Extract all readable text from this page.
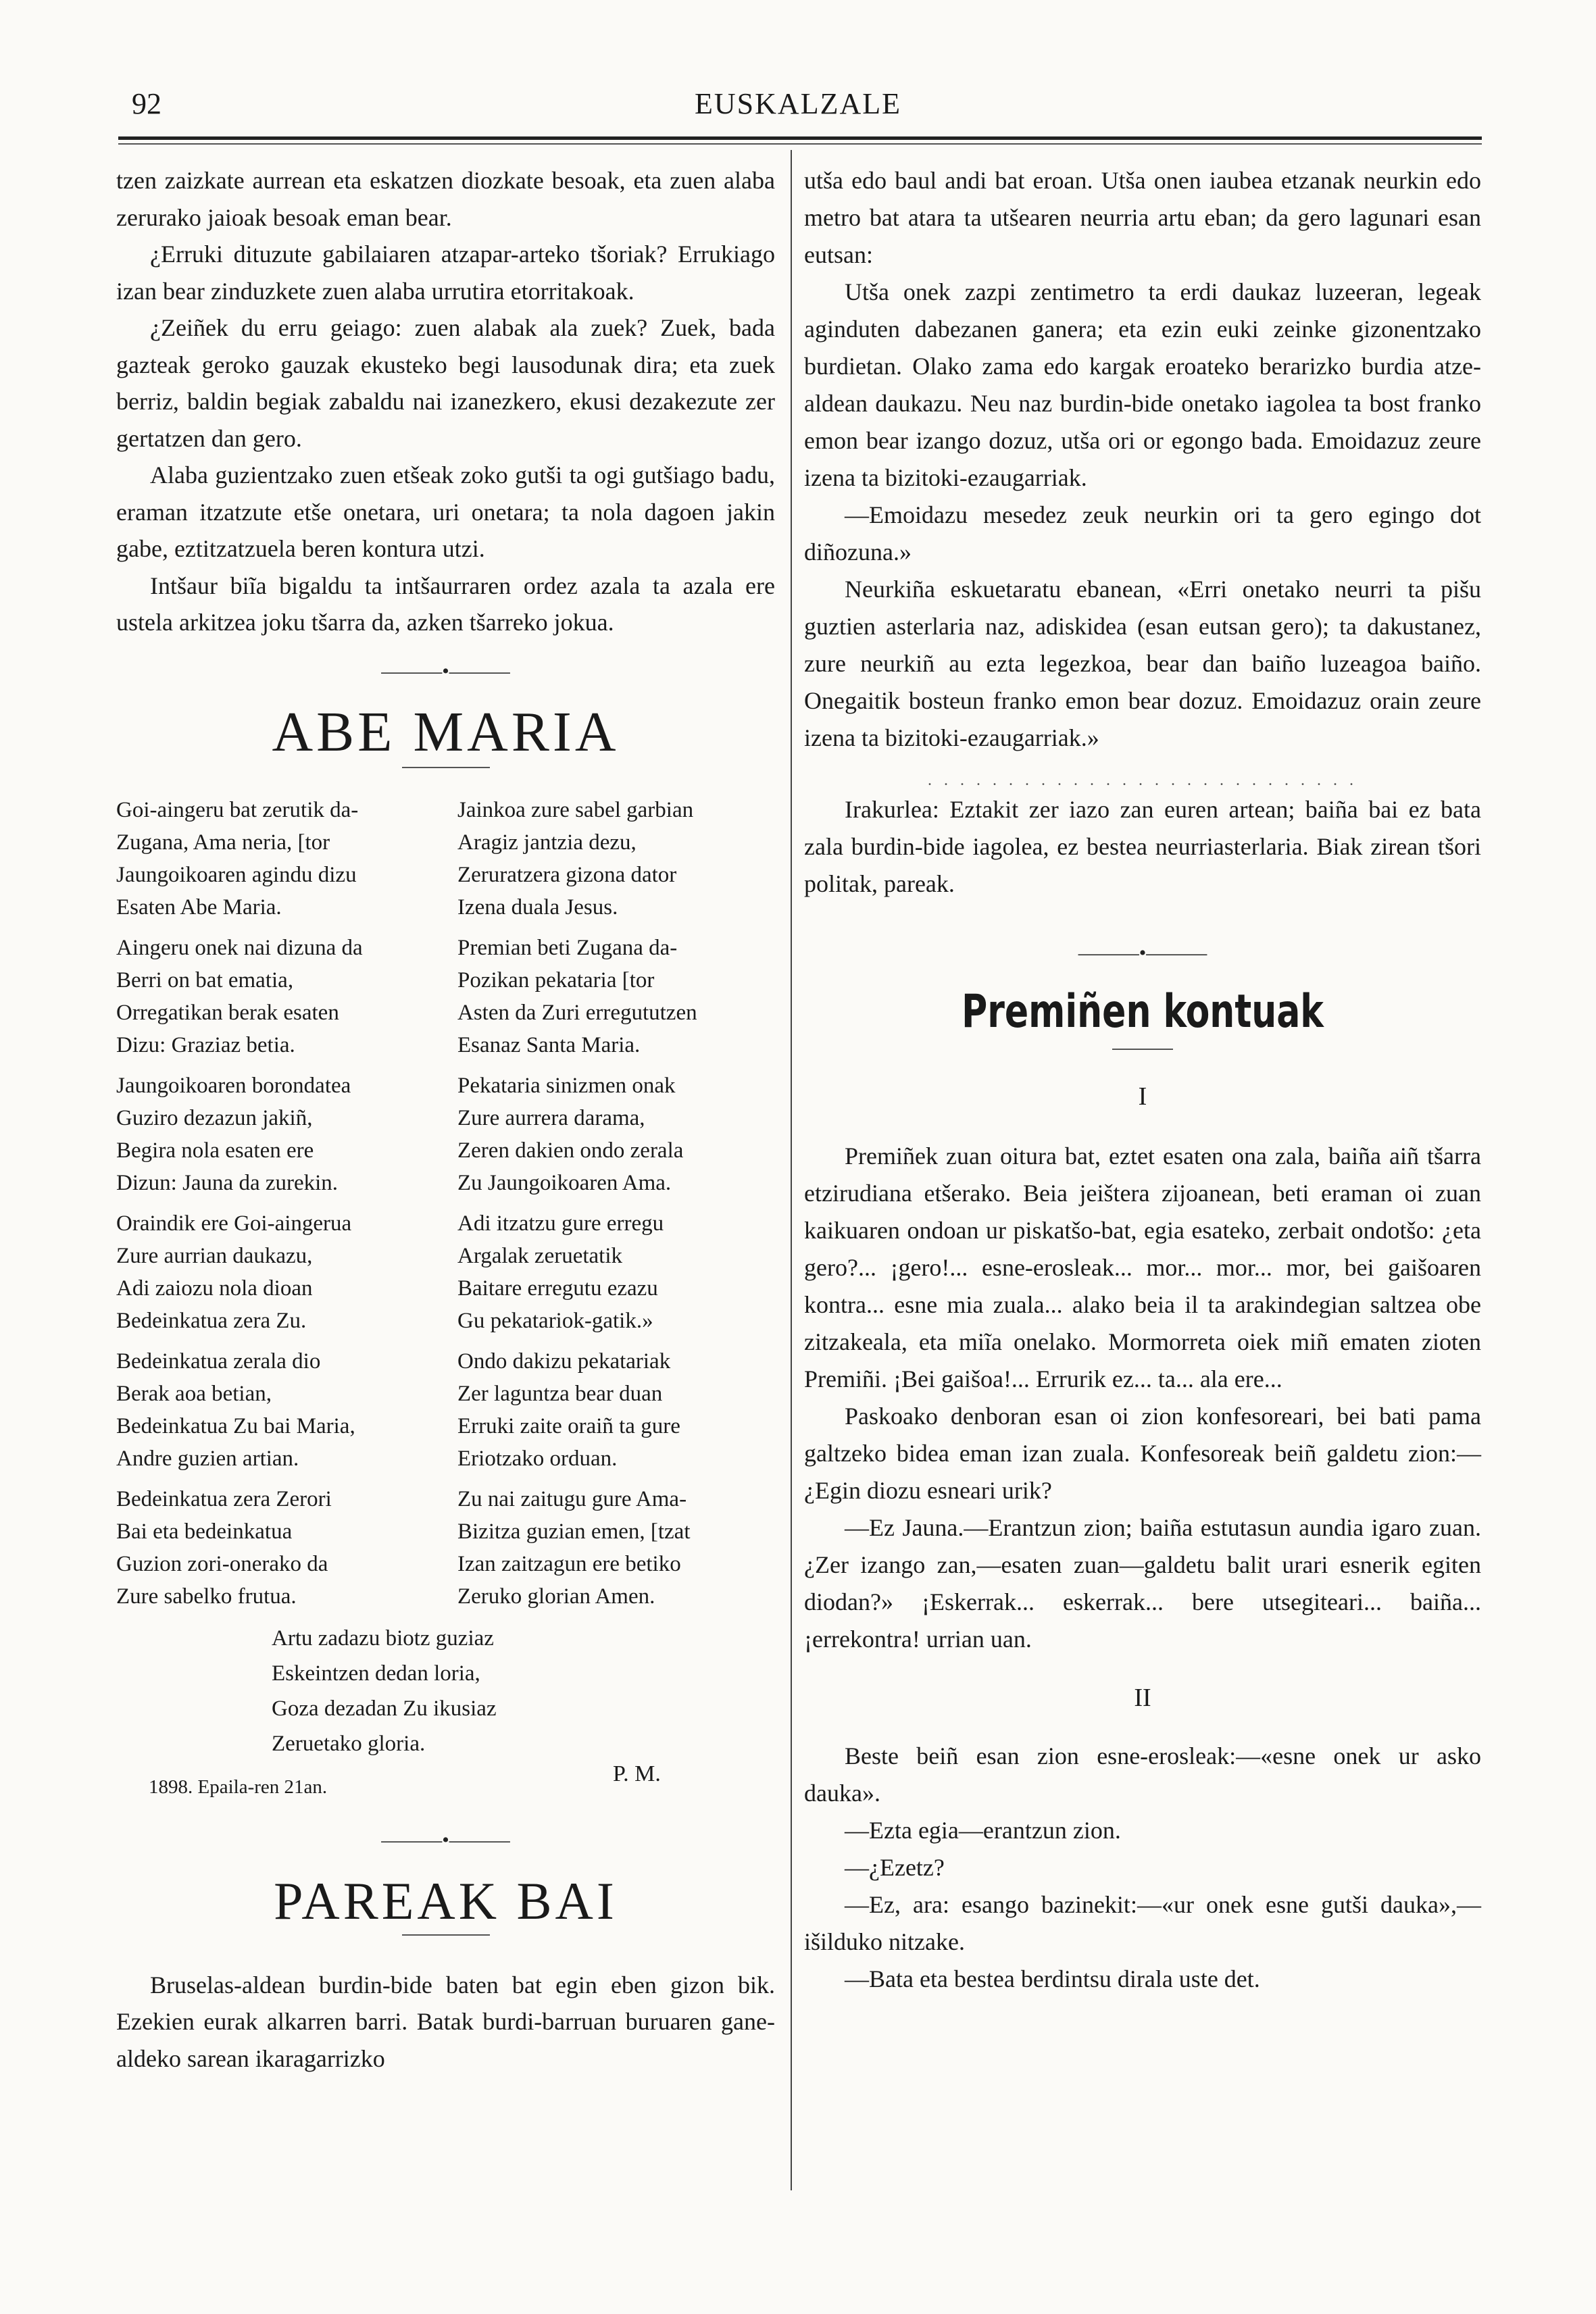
92	EUSKALZALE

tzen zaizkate aurrean eta eskatzen diozkate besoak, eta zuen alaba zerurako jaioak besoak eman bear.

¿Erruki dituzute gabilaiaren atzapar-arteko tšoriak? Errukiago izan bear zinduzkete zuen alaba urrutira etorritakoak.

¿Zeiñek du erru geiago: zuen alabak ala zuek? Zuek, bada gazteak geroko gauzak ekusteko begi lausodunak dira; eta zuek berriz, baldin begiak zabaldu nai izanezkero, ekusi dezakezute zer gertatzen dan gero.

Alaba guzientzako zuen etšeak zoko gutši ta ogi gutšiago badu, eraman itzatzute etše onetara, uri onetara; ta nola dagoen jakin gabe, eztitzatzuela beren kontura utzi.

Intšaur biĩa bigaldu ta intšaurraren ordez azala ta azala ere ustela arkitzea joku tšarra da, azken tšarreko jokua.

———•———
ABE MARIA
Goi-aingeru bat zerutik da-
Zugana, Ama neria, [tor
Jaungoikoaren agindu dizu
Esaten Abe Maria.
Aingeru onek nai dizuna da
Berri on bat ematia,
Orregatikan berak esaten
Dizu: Graziaz betia.
Jaungoikoaren borondatea
Guziro dezazun jakiñ,
Begira nola esaten ere
Dizun: Jauna da zurekin.
Oraindik ere Goi-aingerua
Zure aurrian daukazu,
Adi zaiozu nola dioan
Bedeinkatua zera Zu.
Bedeinkatua zerala dio
Berak aoa betian,
Bedeinkatua Zu bai Maria,
Andre guzien artian.
Bedeinkatua zera Zerori
Bai eta bedeinkatua
Guzion zori-onerako da
Zure sabelko frutua.
Jainkoa zure sabel garbian
Aragiz jantzia dezu,
Zeruratzera gizona dator
Izena duala Jesus.
Premian beti Zugana da-
Pozikan pekataria [tor
Asten da Zuri erregututzen
Esanaz Santa Maria.
Pekataria sinizmen onak
Zure aurrera darama,
Zeren dakien ondo zerala
Zu Jaungoikoaren Ama.
Adi itzatzu gure erregu
Argalak zeruetatik
Baitare erregutu ezazu
Gu pekatariok-gatik.»
Ondo dakizu pekatariak
Zer laguntza bear duan
Erruki zaite oraiñ ta gure
Eriotzako orduan.
Zu nai zaitugu gure Ama-
Bizitza guzian emen, [tzat
Izan zaitzagun ere betiko
Zeruko glorian Amen.
Artu zadazu biotz guziaz
Eskeintzen dedan loria,
Goza dezadan Zu ikusiaz
Zeruetako gloria.
1898. Epaila-ren 21an.
P. M.
———•———
PAREAK BAI

Bruselas-aldean burdin-bide baten bat egin eben gizon bik. Ezekien eurak alkarren barri. Batak burdi-barruan buruaren gane-aldeko sarean ikaragarrizko

utša edo baul andi bat eroan. Utša onen iaubea etzanak neurkin edo metro bat atara ta utšearen neurria artu eban; da gero lagunari esan eutsan:

Utša onek zazpi zentimetro ta erdi daukaz luzeeran, legeak aginduten dabezanen ganera; eta ezin euki zeinke gizonentzako burdietan. Olako zama edo kargak eroateko berarizko burdia atze-aldean daukazu. Neu naz burdin-bide onetako iagolea ta bost franko emon bear izango dozuz, utša ori or egongo bada. Emoidazuz zeure izena ta bizitoki-ezaugarriak.

—Emoidazu mesedez zeuk neurkin ori ta gero egingo dot diñozuna.»

Neurkiña eskuetaratu ebanean, «Erri onetako neurri ta pišu guztien asterlaria naz, adiskidea (esan eutsan gero); ta dakustanez, zure neurkiñ au ezta legezkoa, bear dan baiño luzeagoa baiño. Onegaitik bosteun franko emon bear dozuz. Emoidazuz orain zeure izena ta bizitoki-ezaugarriak.»

. . . . . . . . . . . . . . . . . . . . . . . . . . .

Irakurlea: Eztakit zer iazo zan euren artean; baiña bai ez bata zala burdin-bide iagolea, ez bestea neurriasterlaria. Biak zirean tšori politak, pareak.

———•———
Premiñen kontuak
I

Premiñek zuan oitura bat, eztet esaten ona zala, baiña aiñ tšarra etzirudiana etšerako. Beia jeištera zijoanean, beti eraman oi zuan kaikuaren ondoan ur piskatšo-bat, egia esateko, zerbait ondotšo: ¿eta gero?... ¡gero!... esne-erosleak... mor... mor... mor, bei gaišoaren kontra... esne mia zuala... alako beia il ta arakindegian saltzea obe zitzakeala, eta miĩa onelako. Mormorreta oiek miñ ematen zioten Premiñi. ¡Bei gaišoa!... Errurik ez... ta... ala ere...

Paskoako denboran esan oi zion konfesoreari, bei bati pama galtzeko bidea eman izan zuala. Konfesoreak beiñ galdetu zion:—¿Egin diozu esneari urik?

—Ez Jauna.—Erantzun zion; baiña estutasun aundia igaro zuan. ¿Zer izango zan,—esaten zuan—galdetu balit urari esnerik egiten diodan?» ¡Eskerrak... eskerrak... bere utsegiteari... baiña... ¡errekontra! urrian uan.

II

Beste beiñ esan zion esne-erosleak:—«esne onek ur asko dauka».

—Ezta egia—erantzun zion.

—¿Ezetz?

—Ez, ara: esango bazinekit:—«ur onek esne gutši dauka»,—išilduko nitzake.

—Bata eta bestea berdintsu dirala uste det.
